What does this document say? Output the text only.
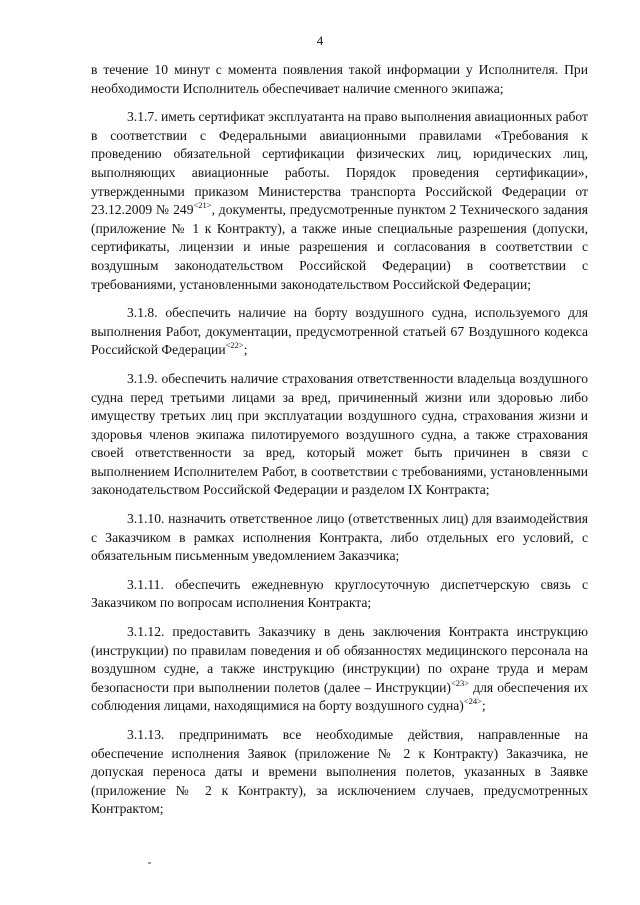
4

в течение 10 минут с момента появления такой информации у Исполнителя. При необходимости Исполнитель обеспечивает наличие сменного экипажа;

3.1.7. иметь сертификат эксплуатанта на право выполнения авиационных работ в соответствии с Федеральными авиационными правилами «Требования к проведению обязательной сертификации физических лиц, юридических лиц, выполняющих авиационные работы. Порядок проведения сертификации», утвержденными приказом Министерства транспорта Российской Федерации от 23.12.2009 № $249^{<21>}$, документы, предусмотренные пунктом 2 Технического задания (приложение № 1 к Контракту), а также иные специальные разрешения (допуски, сертификаты, лицензии и иные разрешения и согласования в соответствии с воздушным законодательством Российской Федерации) в соответствии с требованиями, установленными законодательством Российской Федерации;

3.1.8. обеспечить наличие на борту воздушного судна, используемого для выполнения Работ, документации, предусмотренной статьей 67 Воздушного кодекса Российской Федерации$^{<22>}$;

3.1.9. обеспечить наличие страхования ответственности владельца воздушного судна перед третьими лицами за вред, причиненный жизни или здоровью либо имуществу третьих лиц при эксплуатации воздушного судна, страхования жизни и здоровья членов экипажа пилотируемого воздушного судна, а также страхования своей ответственности за вред, который может быть причинен в связи с выполнением Исполнителем Работ, в соответствии с требованиями, установленными законодательством Российской Федерации и разделом IX Контракта;

3.1.10. назначить ответственное лицо (ответственных лиц) для взаимодействия с Заказчиком в рамках исполнения Контракта, либо отдельных его условий, с обязательным письменным уведомлением Заказчика;

3.1.11. обеспечить ежедневную круглосуточную диспетчерскую связь с Заказчиком по вопросам исполнения Контракта;

3.1.12. предоставить Заказчику в день заключения Контракта инструкцию (инструкции) по правилам поведения и об обязанностях медицинского персонала на воздушном судне, а также инструкцию (инструкции) по охране труда и мерам безопасности при выполнении полетов (далее – Инструкции)$^{<23>}$ для обеспечения их соблюдения лицами, находящимися на борту воздушного судна)$^{<24>}$;

3.1.13. предпринимать все необходимые действия, направленные на обеспечение исполнения Заявок (приложение № 2 к Контракту) Заказчика, не допуская переноса даты и времени выполнения полетов, указанных в Заявке (приложение № 2 к Контракту), за исключением случаев, предусмотренных Контрактом;
